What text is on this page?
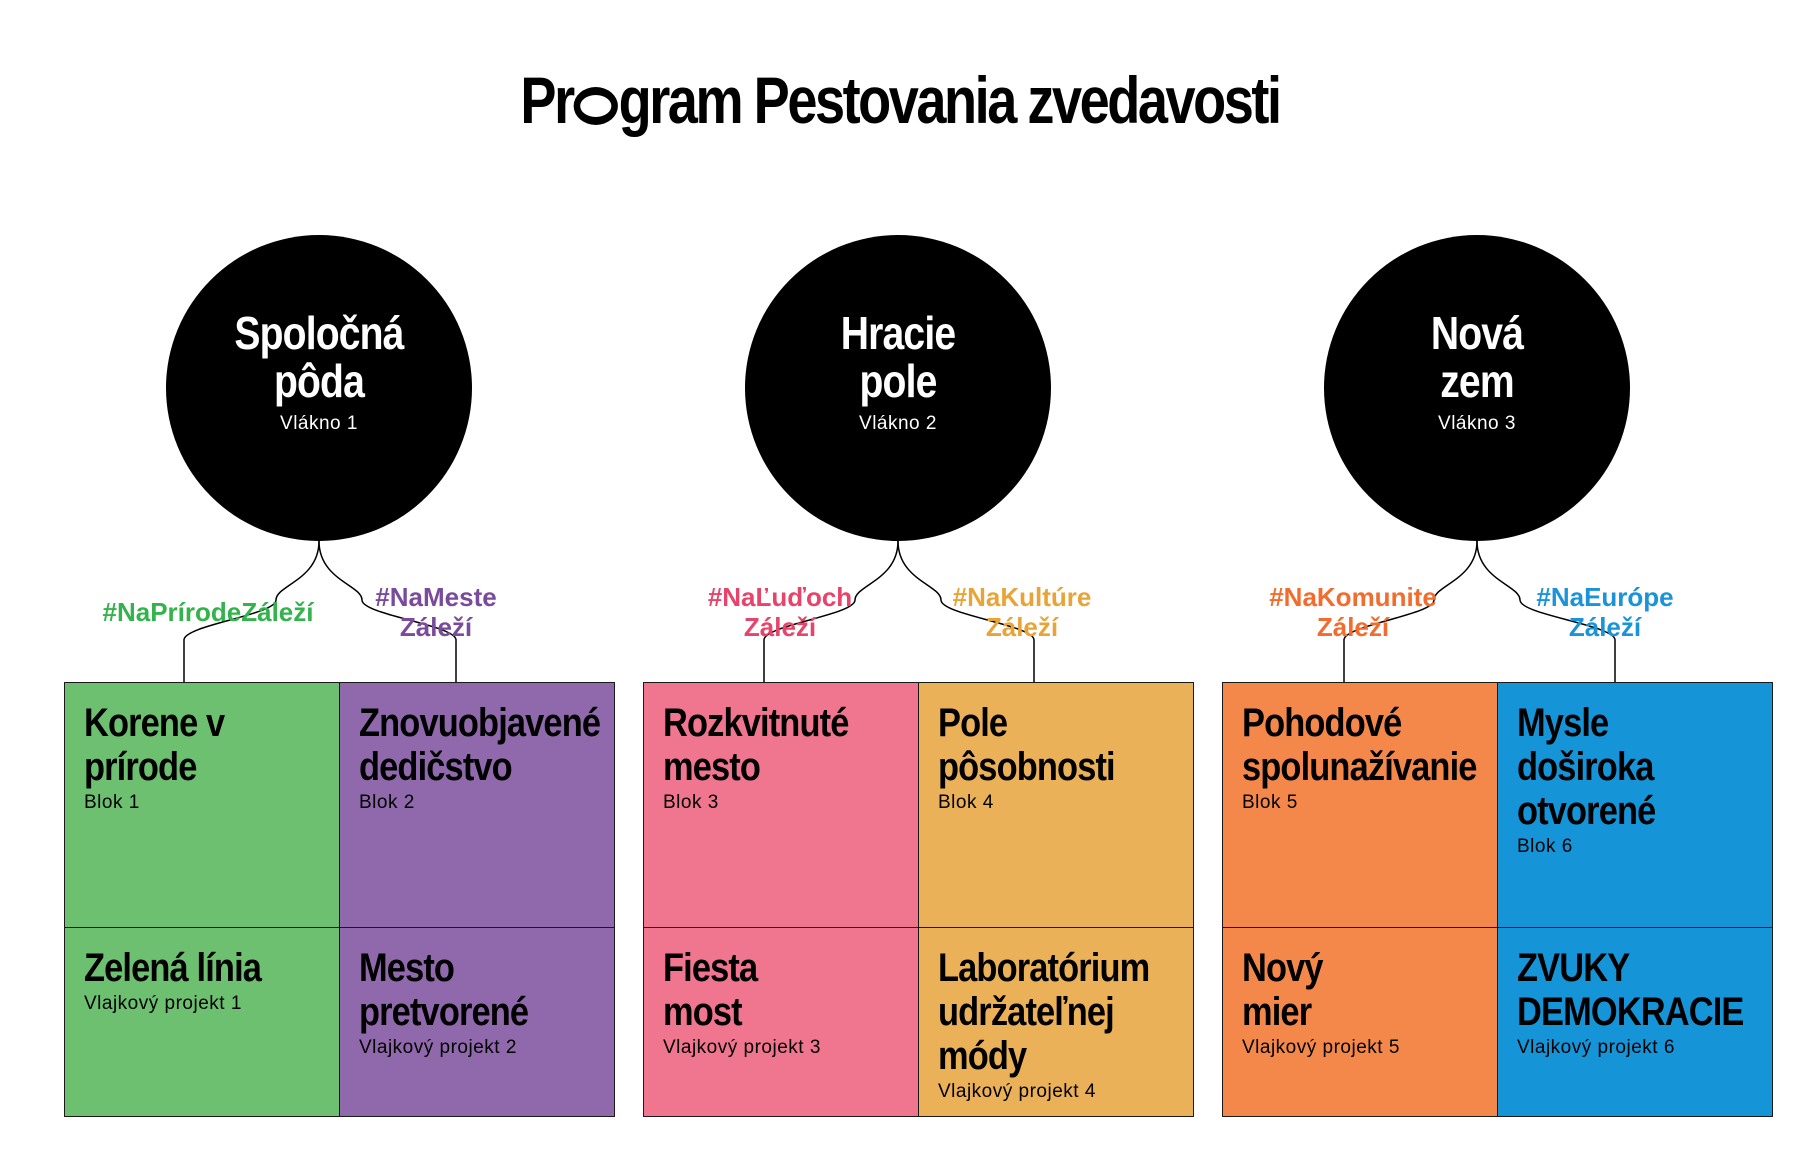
Pr gram Pestovania zvedavosti
Spoločná
pôda
Vlákno 1
Hracie
pole
Vlákno 2
Nová
zem
Vlákno 3
#NaPrírodeZáleží #NaMeste
Záleží
#NaĽuďoch
Záleží
#NaKultúre
Záleží
#NaKomunite
Záleží
#NaEurópe
Záleží
Korene v
prírode
Blok 1
Znovuobjavené
dedičstvo
Blok 2
Rozkvitnuté
mesto
Blok 3
Pole
pôsobnosti
Blok 4
Pohodové
spolunažívanie
Blok 5
Mysle
doširoka
otvorené
Blok 6
Zelená línia
Vlajkový projekt 1
Mesto
pretvorené
Vlajkový projekt 2
Fiesta
most
Vlajkový projekt 3
Laboratórium
udržateľnej
módy
Vlajkový projekt 4
Nový
mier
Vlajkový projekt 5
ZVUKY
DEMOKRACIE
Vlajkový projekt 6
